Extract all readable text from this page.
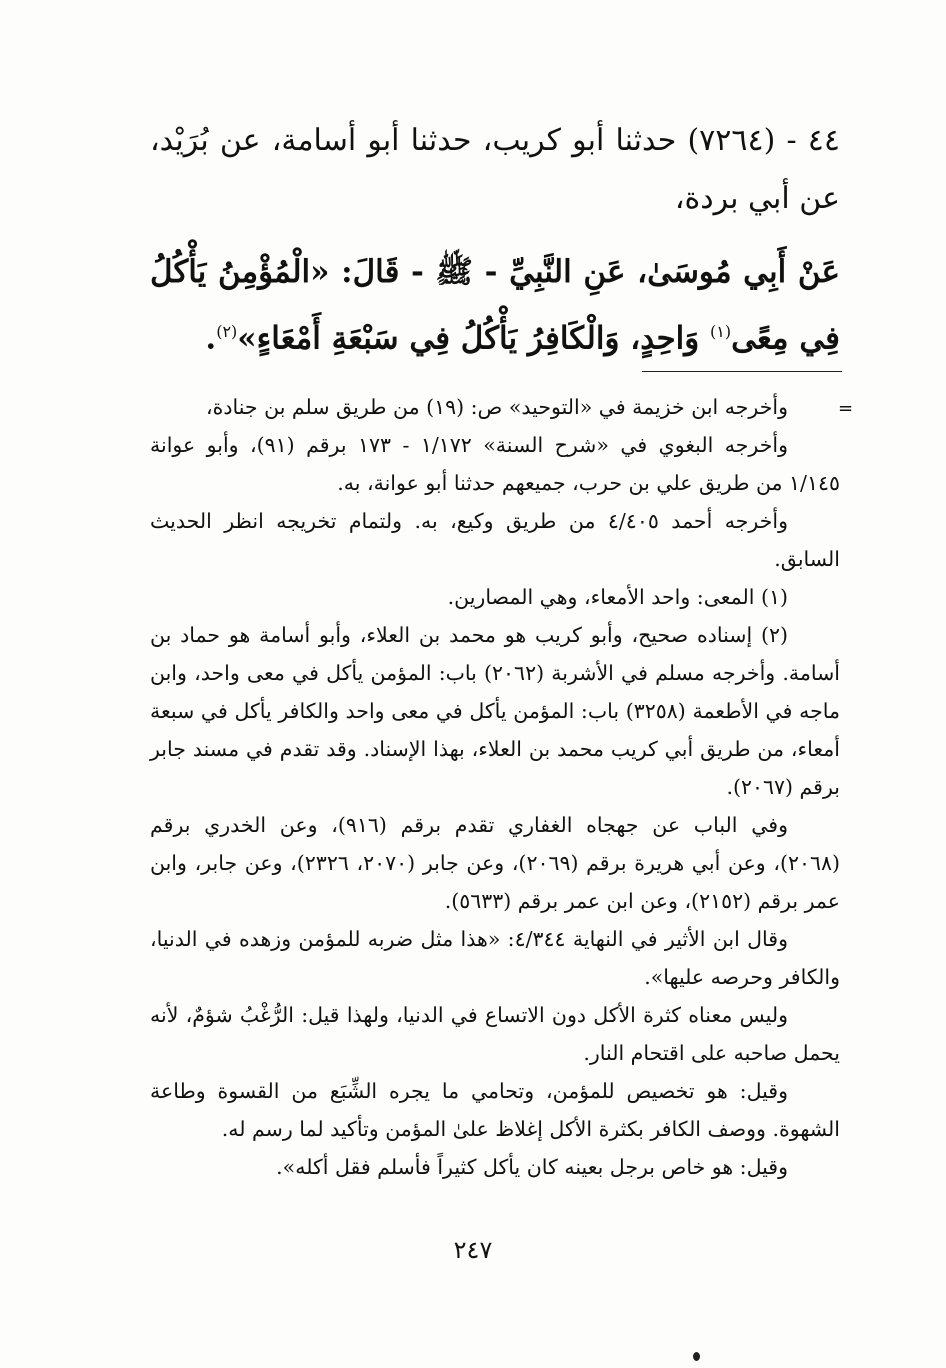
٤٤ - (٧٢٦٤) حدثنا أبو كريب، حدثنا أبو أسامة، عن بُرَيْد، عن أبي بردة،

عَنْ أَبِي مُوسَىٰ، عَنِ النَّبِيِّ - ﷺ - قَالَ: «الْمُؤْمِنُ يَأْكُلُ فِي مِعًى$^{(١)}$ وَاحِدٍ، وَالْكَافِرُ يَأْكُلُ فِي سَبْعَةِ أَمْعَاءٍ»$^{(٢)}$.

=

وأخرجه ابن خزيمة في «التوحيد» ص: (١٩) من طريق سلم بن جنادة،

وأخرجه البغوي في «شرح السنة» ١/١٧٢ - ١٧٣ برقم (٩١)، وأبو عوانة ١/١٤٥ من طريق علي بن حرب، جميعهم حدثنا أبو عوانة، به.

وأخرجه أحمد ٤/٤٠٥ من طريق وكيع، به. ولتمام تخريجه انظر الحديث السابق.

(١) المعى: واحد الأمعاء، وهي المصارين.

(٢) إسناده صحيح، وأبو كريب هو محمد بن العلاء، وأبو أسامة هو حماد بن أسامة. وأخرجه مسلم في الأشربة (٢٠٦٢) باب: المؤمن يأكل في معى واحد، وابن ماجه في الأطعمة (٣٢٥٨) باب: المؤمن يأكل في معى واحد والكافر يأكل في سبعة أمعاء، من طريق أبي كريب محمد بن العلاء، بهذا الإسناد. وقد تقدم في مسند جابر برقم (٢٠٦٧).

وفي الباب عن جهجاه الغفاري تقدم برقم (٩١٦)، وعن الخدري برقم (٢٠٦٨)، وعن أبي هريرة برقم (٢٠٦٩)، وعن جابر (٢٠٧٠، ٢٣٢٦)، وعن جابر، وابن عمر برقم (٢١٥٢)، وعن ابن عمر برقم (٥٦٣٣).

وقال ابن الأثير في النهاية ٤/٣٤٤: «هذا مثل ضربه للمؤمن وزهده في الدنيا، والكافر وحرصه عليها».

وليس معناه كثرة الأكل دون الاتساع في الدنيا، ولهذا قيل: الرُّغْبُ شؤمٌ، لأنه يحمل صاحبه على اقتحام النار.

وقيل: هو تخصيص للمؤمن، وتحامي ما يجره الشِّبَع من القسوة وطاعة الشهوة. ووصف الكافر بكثرة الأكل إغلاظ علىٰ المؤمن وتأكيد لما رسم له.

وقيل: هو خاص برجل بعينه كان يأكل كثيراً فأسلم فقل أكله».

٢٤٧
